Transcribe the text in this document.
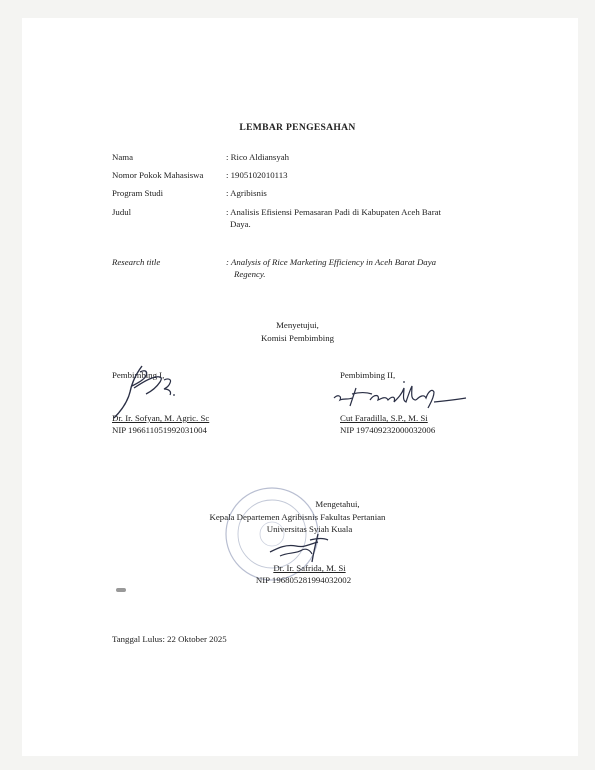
LEMBAR PENGESAHAN
Nama	: Rico Aldiansyah
Nomor Pokok Mahasiswa	: 1905102010113
Program Studi	: Agribisnis
Judul	: Analisis Efisiensi Pemasaran Padi di Kabupaten Aceh Barat
Daya.
Research title	: Analysis of Rice Marketing Efficiency in Aceh Barat Daya
Regency.
Menyetujui,
Komisi Pembimbing
Pembimbing I,
Dr. Ir. Sofyan, M. Agric. Sc
NIP 196611051992031004
Pembimbing II,
Cut Faradilla, S.P., M. Si
NIP 197409232000032006
Mengetahui,
Kepala Departemen Agribisnis Fakultas Pertanian
Universitas Syiah Kuala
Dr. Ir. Safrida, M. Si
NIP 196805281994032002
Tanggal Lulus: 22 Oktober 2025
